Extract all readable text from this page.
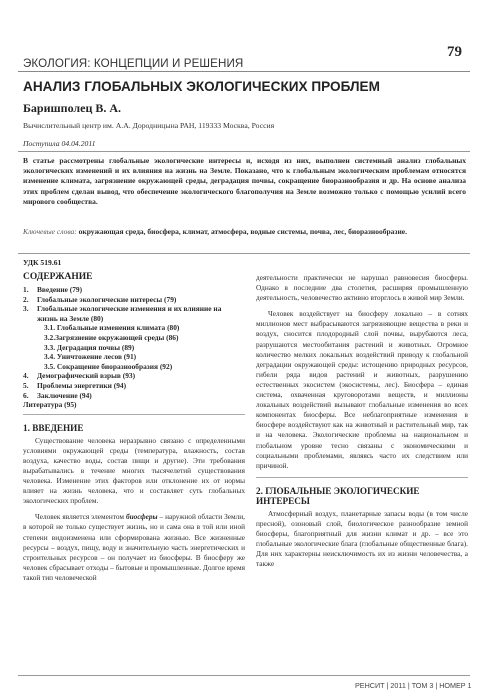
79
ЭКОЛОГИЯ: КОНЦЕПЦИИ И РЕШЕНИЯ
АНАЛИЗ ГЛОБАЛЬНЫХ ЭКОЛОГИЧЕСКИХ ПРОБЛЕМ
Баришполец В. А.
Вычислительный центр им. А.А. Дородницына РАН, 119333 Москва, Россия
Поступила 04.04.2011
В статье рассмотрены глобальные экологические интересы и, исходя из них, выполнен системный анализ глобальных экологических изменений и их влияния на жизнь на Земле. Показано, что к глобальным экологическим проблемам относятся изменение климата, загрязнение окружающей среды, деградация почвы, сокращение биоразнообразия и др. На основе анализа этих проблем сделан вывод, что обеспечение экологического благополучия на Земле возможно только с помощью усилий всего мирового сообщества.
Ключевые слова: окружающая среда, биосфера, климат, атмосфера, водные системы, почва, лес, биоразнообразие.
УДК 519.61
СОДЕРЖАНИЕ
1.	Введение (79)
2.	Глобальные экологические интересы (79)
3.	Глобальные экологические изменения и их влияние на жизнь на Земле (80)
3.1. Глобальные изменения климата (80)
3.2.Загрязнение окружающей среды (86)
3.3. Деградация почвы (89)
3.4. Уничтожение лесов (91)
3.5. Сокращение биоразнообразия (92)
4.	Демографический взрыв (93)
5.	Проблемы энергетики (94)
6.	Заключение (94)
Литература (95)
1. ВВЕДЕНИЕ

Существование человека неразрывно связано с определенными условиями окружающей среды (температура, влажность, состав воздуха, качество воды, состав пищи и другие). Эти требования вырабатывались в течение многих тысячелетий существования человека. Изменение этих факторов или отклонение их от нормы влияет на жизнь человека, что и составляет суть глобальных экологических проблем.

Человек является элементом биосферы – наружной области Земли, в которой не только существует жизнь, но и сама она в той или иной степени видоизменена или сформирована жизнью. Все жизненные ресурсы – воздух, пищу, воду и значительную часть энергетических и строительных ресурсов – он получает из биосферы. В биосферу же человек сбрасывает отходы – бытовые и промышленные. Долгое время такой тип человеческой

деятельности практически не нарушал равновесия биосферы. Однако в последние два столетия, расширяя промышленную деятельность, человечество активно вторглось в живой мир Земли.

Человек воздействует на биосферу локально – в сотнях миллионов мест выбрасываются загрязняющие вещества в реки и воздух, сносится плодородный слой почвы, вырубаются леса, разрушаются местообитания растений и животных. Огромное количество мелких локальных воздействий приводу к глобальной деградации окружающей среды: истощению природных ресурсов, гибели ряда видов растений и животных, разрушению естественных экосистем (экосистемы, лес). Биосфера – единая система, охваченная круговоротами веществ, и миллионы локальных воздействий вызывают глобальные изменения во всех компонентах биосферы. Все неблагоприятные изменения в биосфере воздействуют как на животный и растительный мир, так и на человека. Экологические проблемы на национальном и глобальном уровне тесно связаны с экономическими и социальными проблемами, являясь часто их следствием или причиной.

2. ГЛОБАЛЬНЫЕ ЭКОЛОГИЧЕСКИЕ ИНТЕРЕСЫ

Атмосферный воздух, планетарные запасы воды (в том числе пресной), озоновый слой, биологическое разнообразие земной биосферы, благоприятный для жизни климат и др. – все это глобальные экологические блага (глобальные общественные блага). Для них характерны неисключимость их из жизни человечества, а также

РЕНСИТ | 2011 | ТОМ 3 | НОМЕР 1
